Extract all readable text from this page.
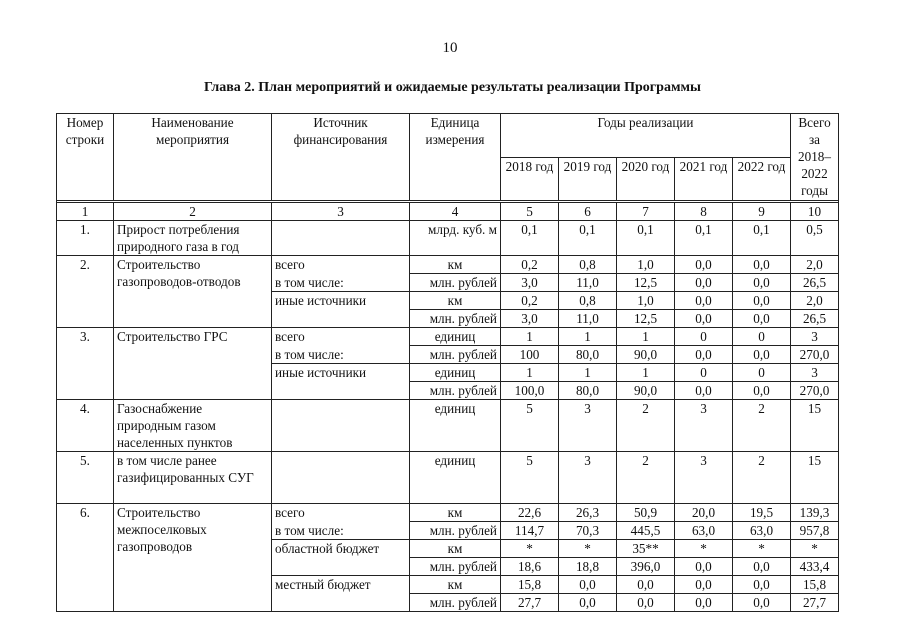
10
Глава 2. План мероприятий и ожидаемые результаты реализации Программы
Номер строки	Наименование мероприятия	Источник финансирования	Единица измерения	Годы реализации					Всего за 2018–2022 годы
				2018 год	2019 год	2020 год	2021 год	2022 год	

1	2	3	4	5	6	7	8	9	10
1.	Прирост потребления природного газа в год		млрд. куб. м	0,1	0,1	0,1	0,1	0,1	0,5
2.	Строительство газопроводов-отводов	всего	км	0,2	0,8	1,0	0,0	0,0	2,0
		в том числе:	млн. рублей	3,0	11,0	12,5	0,0	0,0	26,5
		иные источники	км	0,2	0,8	1,0	0,0	0,0	2,0
			млн. рублей	3,0	11,0	12,5	0,0	0,0	26,5
3.	Строительство ГРС	всего	единиц	1	1	1	0	0	3
		в том числе:	млн. рублей	100	80,0	90,0	0,0	0,0	270,0
		иные источники	единиц	1	1	1	0	0	3
			млн. рублей	100,0	80,0	90,0	0,0	0,0	270,0
4.	Газоснабжение природным газом населенных пунктов		единиц	5	3	2	3	2	15
5.	в том числе ранее газифицированных СУГ		единиц	5	3	2	3	2	15
6.	Строительство межпоселковых газопроводов	всего	км	22,6	26,3	50,9	20,0	19,5	139,3
		в том числе:	млн. рублей	114,7	70,3	445,5	63,0	63,0	957,8
		областной бюджет	км	*	*	35**	*	*	*
			млн. рублей	18,6	18,8	396,0	0,0	0,0	433,4
		местный бюджет	км	15,8	0,0	0,0	0,0	0,0	15,8
			млн. рублей	27,7	0,0	0,0	0,0	0,0	27,7
